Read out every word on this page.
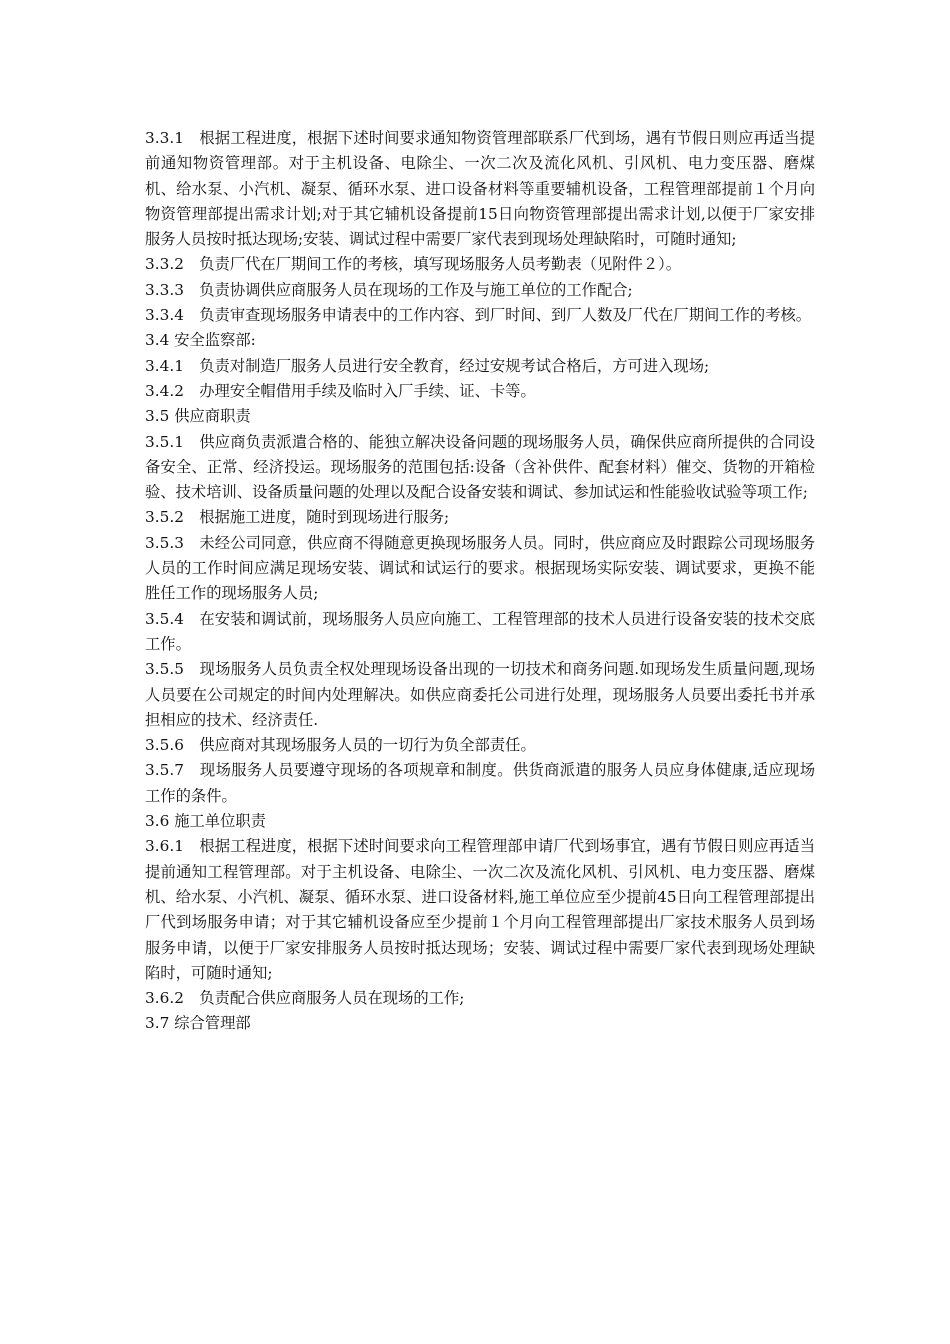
3.3.1　根据工程进度，根据下述时间要求通知物资管理部联系厂代到场，遇有节假日则应再适当提前通知物资管理部。对于主机设备、电除尘、一次二次及流化风机、引风机、电力变压器、磨煤机、给水泵、小汽机、凝泵、循环水泵、进口设备材料等重要辅机设备，工程管理部提前１个月向物资管理部提出需求计划;对于其它辅机设备提前15日向物资管理部提出需求计划,以便于厂家安排服务人员按时抵达现场;安装、调试过程中需要厂家代表到现场处理缺陷时，可随时通知;

3.3.2　负责厂代在厂期间工作的考核，填写现场服务人员考勤表（见附件２）。

3.3.3　负责协调供应商服务人员在现场的工作及与施工单位的工作配合;

3.3.4　负责审查现场服务申请表中的工作内容、到厂时间、到厂人数及厂代在厂期间工作的考核。

3.4 安全监察部:

3.4.1　负责对制造厂服务人员进行安全教育，经过安规考试合格后，方可进入现场;

3.4.2　办理安全帽借用手续及临时入厂手续、证、卡等。

3.5 供应商职责

3.5.1　供应商负责派遣合格的、能独立解决设备问题的现场服务人员，确保供应商所提供的合同设备安全、正常、经济投运。现场服务的范围包括:设备（含补供件、配套材料）催交、货物的开箱检验、技术培训、设备质量问题的处理以及配合设备安装和调试、参加试运和性能验收试验等项工作;

3.5.2　根据施工进度，随时到现场进行服务;

3.5.3　未经公司同意，供应商不得随意更换现场服务人员。同时，供应商应及时跟踪公司现场服务人员的工作时间应满足现场安装、调试和试运行的要求。根据现场实际安装、调试要求，更换不能胜任工作的现场服务人员;

3.5.4　在安装和调试前，现场服务人员应向施工、工程管理部的技术人员进行设备安装的技术交底工作。

3.5.5　现场服务人员负责全权处理现场设备出现的一切技术和商务问题.如现场发生质量问题,现场人员要在公司规定的时间内处理解决。如供应商委托公司进行处理，现场服务人员要出委托书并承担相应的技术、经济责任.

3.5.6　供应商对其现场服务人员的一切行为负全部责任。

3.5.7　现场服务人员要遵守现场的各项规章和制度。供货商派遣的服务人员应身体健康,适应现场工作的条件。

3.6 施工单位职责

3.6.1　根据工程进度，根据下述时间要求向工程管理部申请厂代到场事宜，遇有节假日则应再适当提前通知工程管理部。对于主机设备、电除尘、一次二次及流化风机、引风机、电力变压器、磨煤机、给水泵、小汽机、凝泵、循环水泵、进口设备材料,施工单位应至少提前45日向工程管理部提出厂代到场服务申请；对于其它辅机设备应至少提前１个月向工程管理部提出厂家技术服务人员到场服务申请，以便于厂家安排服务人员按时抵达现场；安装、调试过程中需要厂家代表到现场处理缺陷时，可随时通知;

3.6.2　负责配合供应商服务人员在现场的工作;

3.7 综合管理部
